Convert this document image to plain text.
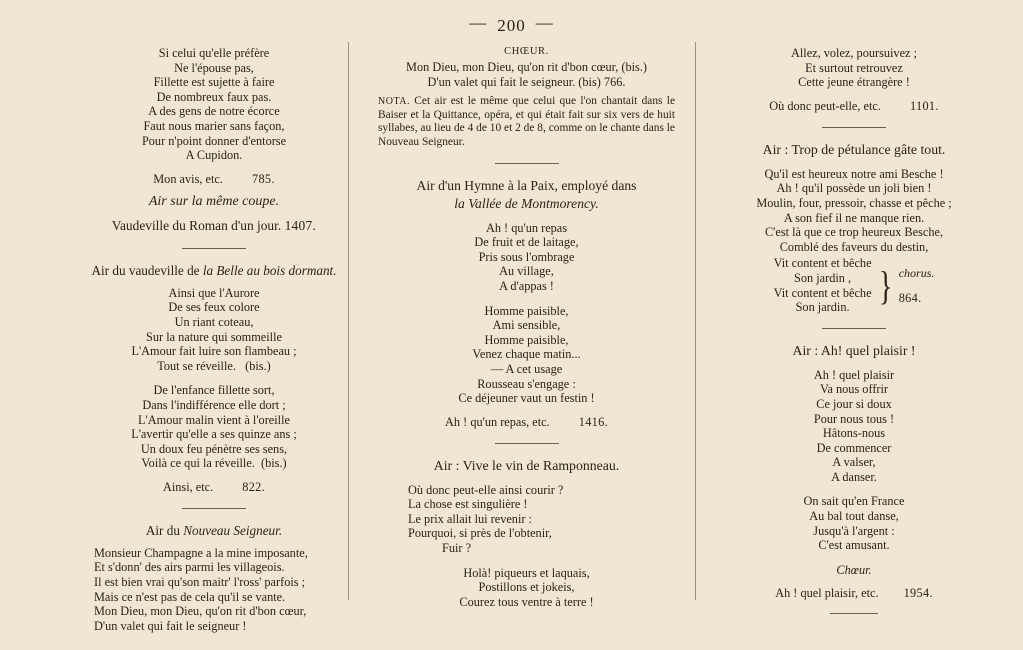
— 200 —
Si celui qu'elle préfère
Ne l'épouse pas,
Fillette est sujette à faire
De nombreux faux pas.
A des gens de notre écorce
Faut nous marier sans façon,
Pour n'point donner d'entorse
A Cupidon.
Mon avis, etc. 785.
Air sur la même coupe.
Vaudeville du Roman d'un jour. 1407.
Air du vaudeville de la Belle au bois dormant.
Ainsi que l'Aurore
De ses feux colore
Un riant coteau,
Sur la nature qui sommeille
L'Amour fait luire son flambeau ;
Tout se réveille.   (bis.)
De l'enfance fillette sort,
Dans l'indifférence elle dort ;
L'Amour malin vient à l'oreille
L'avertir qu'elle a ses quinze ans ;
Un doux feu pénètre ses sens,
Voilà ce qui la réveille.  (bis.)
Ainsi, etc. 822.
Air du Nouveau Seigneur.
Monsieur Champagne a la mine imposante,
Et s'donn' des airs parmi les villageois.
Il est bien vrai qu'son maitr' l'ross' parfois ;
Mais ce n'est pas de cela qu'il se vante.
Mon Dieu, mon Dieu, qu'on rit d'bon cœur,
D'un valet qui fait le seigneur !
CHŒUR.
Mon Dieu, mon Dieu, qu'on rit d'bon cœur, (bis.)
D'un valet qui fait le seigneur. (bis) 766.
NOTA. Cet air est le même que celui que l'on chantait dans le Baiser et la Quittance, opéra, et qui était fait sur six vers de huit syllabes, au lieu de 4 de 10 et 2 de 8, comme on le chante dans le Nouveau Seigneur.
Air d'un Hymne à la Paix, employé dans
la Vallée de Montmorency.
Ah ! qu'un repas
De fruit et de laitage,
Pris sous l'ombrage
Au village,
A d'appas !
Homme paisible,
Ami sensible,
Homme paisible,
Venez chaque matin...
— A cet usage
Rousseau s'engage :
Ce déjeuner vaut un festin !
Ah ! qu'un repas, etc. 1416.
Air : Vive le vin de Ramponneau.
Où donc peut-elle ainsi courir ?
La chose est singulière !
Le prix allait lui revenir :
Pourquoi, si près de l'obtenir,
Fuir ?
Holà! piqueurs et laquais,
Postillons et jokeis,
Courez tous ventre à terre !
Allez, volez, poursuivez ;
Et surtout retrouvez
Cette jeune étrangère !
Où donc peut-elle, etc. 1101.
Air : Trop de pétulance gâte tout.
Qu'il est heureux notre ami Besche !
Ah ! qu'il possède un joli bien !
Moulin, four, pressoir, chasse et pêche ;
A son fief il ne manque rien.
C'est là que ce trop heureux Besche,
Comblé des faveurs du destin,
Vit content et bêche
Son jardin ,
Vit content et bêche
Son jardin. } chorus.
864.
Air : Ah! quel plaisir !
Ah ! quel plaisir
Va nous offrir
Ce jour si doux
Pour nous tous !
Hâtons-nous
De commencer
A valser,
A danser.
On sait qu'en France
Au bal tout danse,
Jusqu'à l'argent :
C'est amusant.
Chœur.
Ah ! quel plaisir, etc. 1954.
